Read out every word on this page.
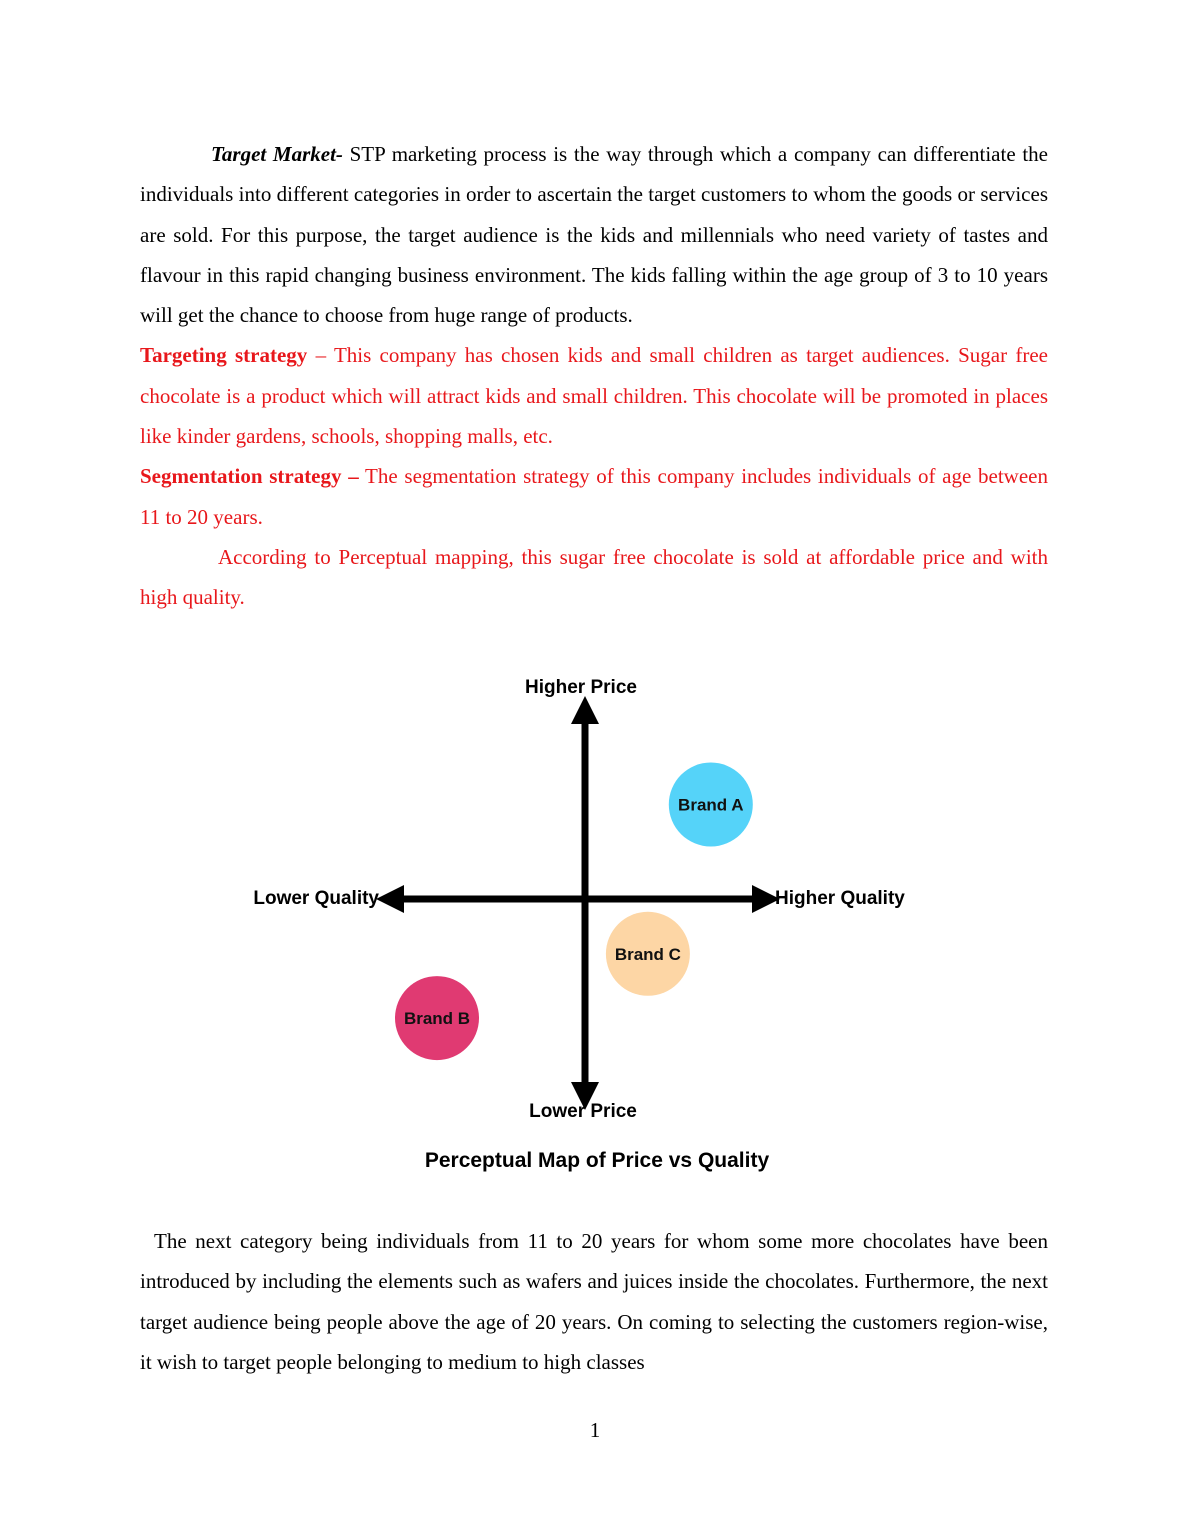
Target Market- STP marketing process is the way through which a company can differentiate the individuals into different categories in order to ascertain the target customers to whom the goods or services are sold. For this purpose, the target audience is the kids and millennials who need variety of tastes and flavour in this rapid changing business environment. The kids falling within the age group of 3 to 10 years will get the chance to choose from huge range of products.

Targeting strategy – This company has chosen kids and small children as target audiences. Sugar free chocolate is a product which will attract kids and small children. This chocolate will be promoted in places like kinder gardens, schools, shopping malls, etc.

Segmentation strategy – The segmentation strategy of this company includes individuals of age between 11 to 20 years.

According to Perceptual mapping, this sugar free chocolate is sold at affordable price and with high quality.

Brand A
Brand B
Brand C
Higher Price
Lower Price
Lower Quality	Higher Quality
Perceptual Map of Price vs Quality

The next category being individuals from 11 to 20 years for whom some more chocolates have been introduced by including the elements such as wafers and juices inside the chocolates. Furthermore, the next target audience being people above the age of 20 years. On coming to selecting the customers region-wise, it wish to target people belonging to medium to high classes

1
